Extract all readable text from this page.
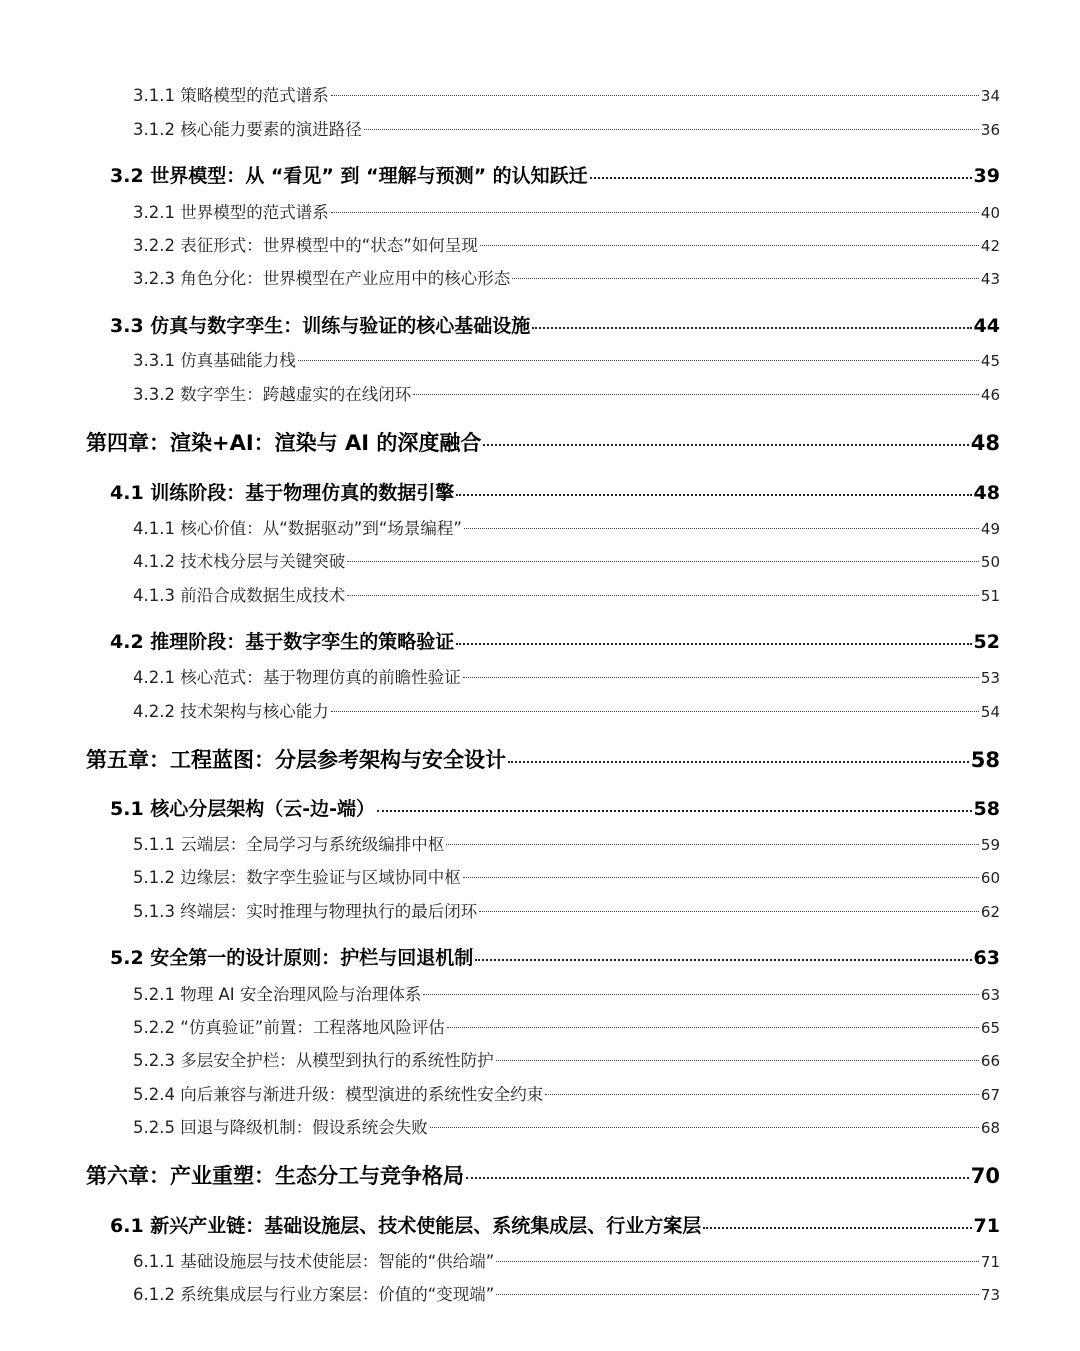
3.1.1 策略模型的范式谱系	34
3.1.2 核心能力要素的演进路径	36
3.2 世界模型：从 “看见” 到 “理解与预测” 的认知跃迁	39
3.2.1 世界模型的范式谱系	40
3.2.2 表征形式：世界模型中的“状态”如何呈现	42
3.2.3 角色分化：世界模型在产业应用中的核心形态	43
3.3 仿真与数字孪生：训练与验证的核心基础设施	44
3.3.1 仿真基础能力栈	45
3.3.2 数字孪生：跨越虚实的在线闭环	46
第四章：渲染+AI：渲染与 AI 的深度融合	48
4.1 训练阶段：基于物理仿真的数据引擎	48
4.1.1 核心价值：从“数据驱动”到“场景编程”	49
4.1.2 技术栈分层与关键突破	50
4.1.3 前沿合成数据生成技术	51
4.2 推理阶段：基于数字孪生的策略验证	52
4.2.1 核心范式：基于物理仿真的前瞻性验证	53
4.2.2 技术架构与核心能力	54
第五章：工程蓝图：分层参考架构与安全设计	58
5.1 核心分层架构（云-边-端）	58
5.1.1 云端层：全局学习与系统级编排中枢	59
5.1.2 边缘层：数字孪生验证与区域协同中枢	60
5.1.3 终端层：实时推理与物理执行的最后闭环	62
5.2 安全第一的设计原则：护栏与回退机制	63
5.2.1 物理 AI 安全治理风险与治理体系	63
5.2.2 “仿真验证”前置：工程落地风险评估	65
5.2.3 多层安全护栏：从模型到执行的系统性防护	66
5.2.4 向后兼容与渐进升级：模型演进的系统性安全约束	67
5.2.5 回退与降级机制：假设系统会失败	68
第六章：产业重塑：生态分工与竞争格局	70
6.1 新兴产业链：基础设施层、技术使能层、系统集成层、行业方案层	71
6.1.1 基础设施层与技术使能层：智能的“供给端”	71
6.1.2 系统集成层与行业方案层：价值的“变现端”	73
